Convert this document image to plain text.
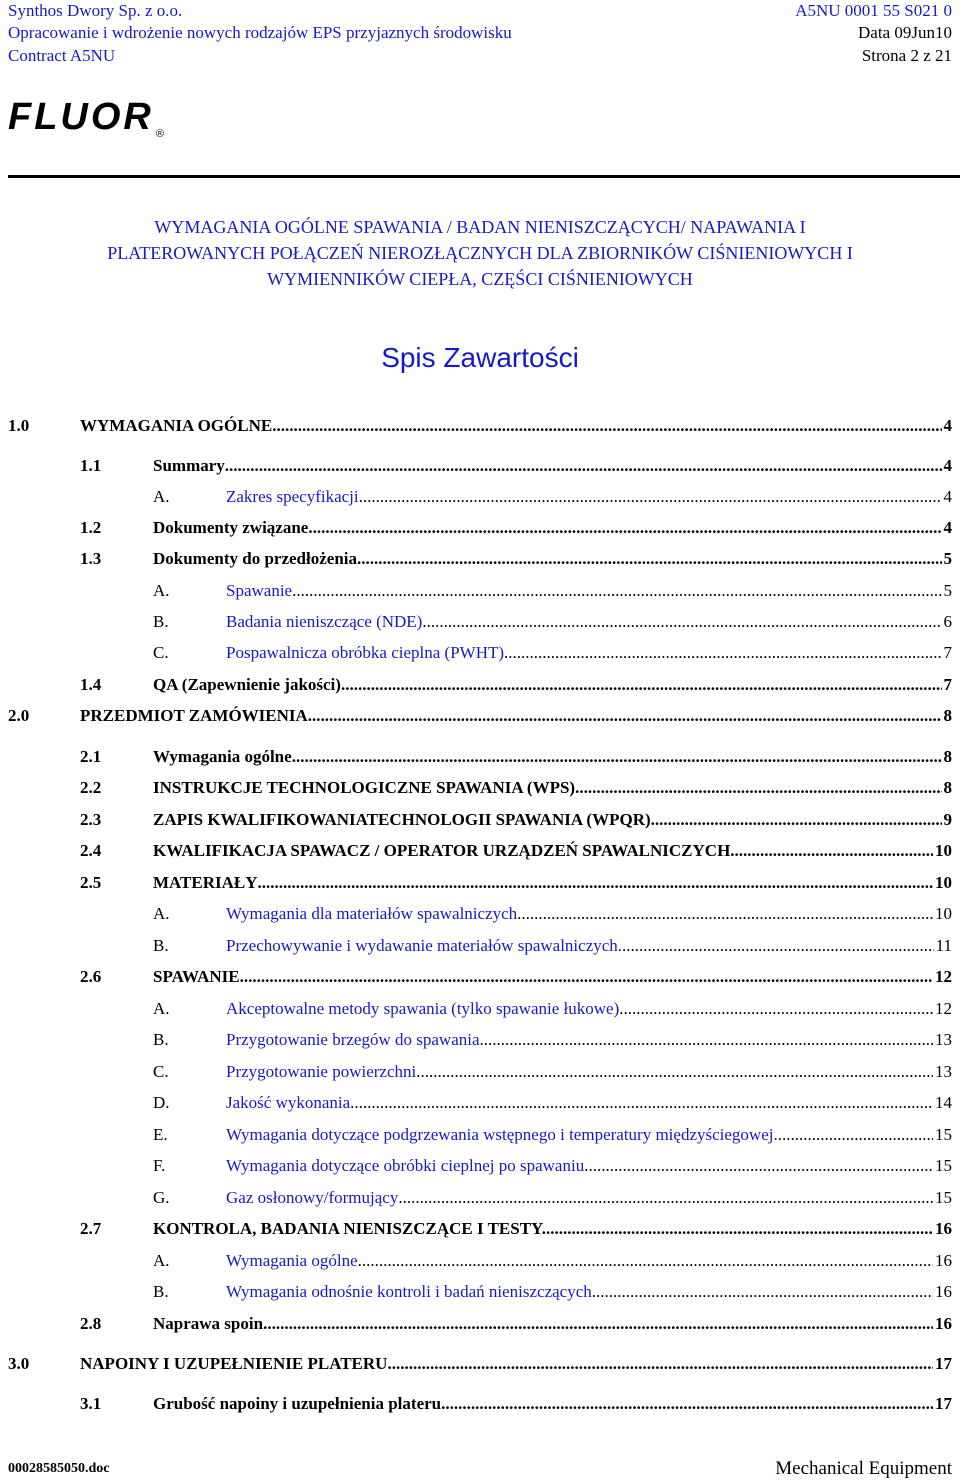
Synthos Dwory Sp. z o.o.	A5NU 0001 55 S021 0
Opracowanie i wdrożenie nowych rodzajów EPS przyjaznych środowisku	Data 09Jun10
Contract A5NU	Strona 2 z 21
FLUOR $_®$
WYMAGANIA OGÓLNE SPAWANIA / BADAN NIENISZCZĄCYCH/ NAPAWANIA I
PLATEROWANYCH POŁĄCZEŃ NIEROZŁĄCZNYCH DLA ZBIORNIKÓW CIŚNIENIOWYCH I
WYMIENNIKÓW CIEPŁA, CZĘŚCI CIŚNIENIOWYCH
Spis Zawartości
1.0	WYMAGANIA OGÓLNE .....	4
1.1	Summary .....	4
A.	Zakres specyfikacji .....	4
1.2	Dokumenty związane .....	4
1.3	Dokumenty do przedłożenia .....	5
A.	Spawanie .....	5
B.	Badania nieniszczące (NDE) .....	6
C.	Pospawalnicza obróbka cieplna (PWHT) .....	7
1.4	QA (Zapewnienie jakości) .....	7
2.0	PRZEDMIOT ZAMÓWIENIA .....	8
2.1	Wymagania ogólne .....	8
2.2	INSTRUKCJE TECHNOLOGICZNE SPAWANIA (WPS) .....	8
2.3	ZAPIS KWALIFIKOWANIATECHNOLOGII SPAWANIA (WPQR) .....	9
2.4	KWALIFIKACJA SPAWACZ / OPERATOR URZĄDZEŃ SPAWALNICZYCH. .....	10
2.5	MATERIAŁY .....	10
A.	Wymagania dla materiałów spawalniczych .....	10
B.	Przechowywanie i wydawanie materiałów spawalniczych. .....	11
2.6	SPAWANIE .....	12
A.	Akceptowalne metody spawania (tylko spawanie łukowe) .....	12
B.	Przygotowanie brzegów do spawania .....	13
C.	Przygotowanie powierzchni .....	13
D.	Jakość wykonania .....	14
E.	Wymagania dotyczące podgrzewania wstępnego i temperatury międzyściegowej. .....	15
F.	Wymagania dotyczące obróbki cieplnej po spawaniu .....	15
G.	Gaz osłonowy/formujący .....	15
2.7	KONTROLA, BADANIA NIENISZCZĄCE I TESTY. .....	16
A.	Wymagania ogólne .....	16
B.	Wymagania odnośnie kontroli i badań nieniszczących .....	16
2.8	Naprawa spoin .....	16
3.0	NAPOINY I UZUPEŁNIENIE PLATERU .....	17
3.1	Grubość napoiny i uzupełnienia plateru .....	17
00028585050.doc	Mechanical Equipment
